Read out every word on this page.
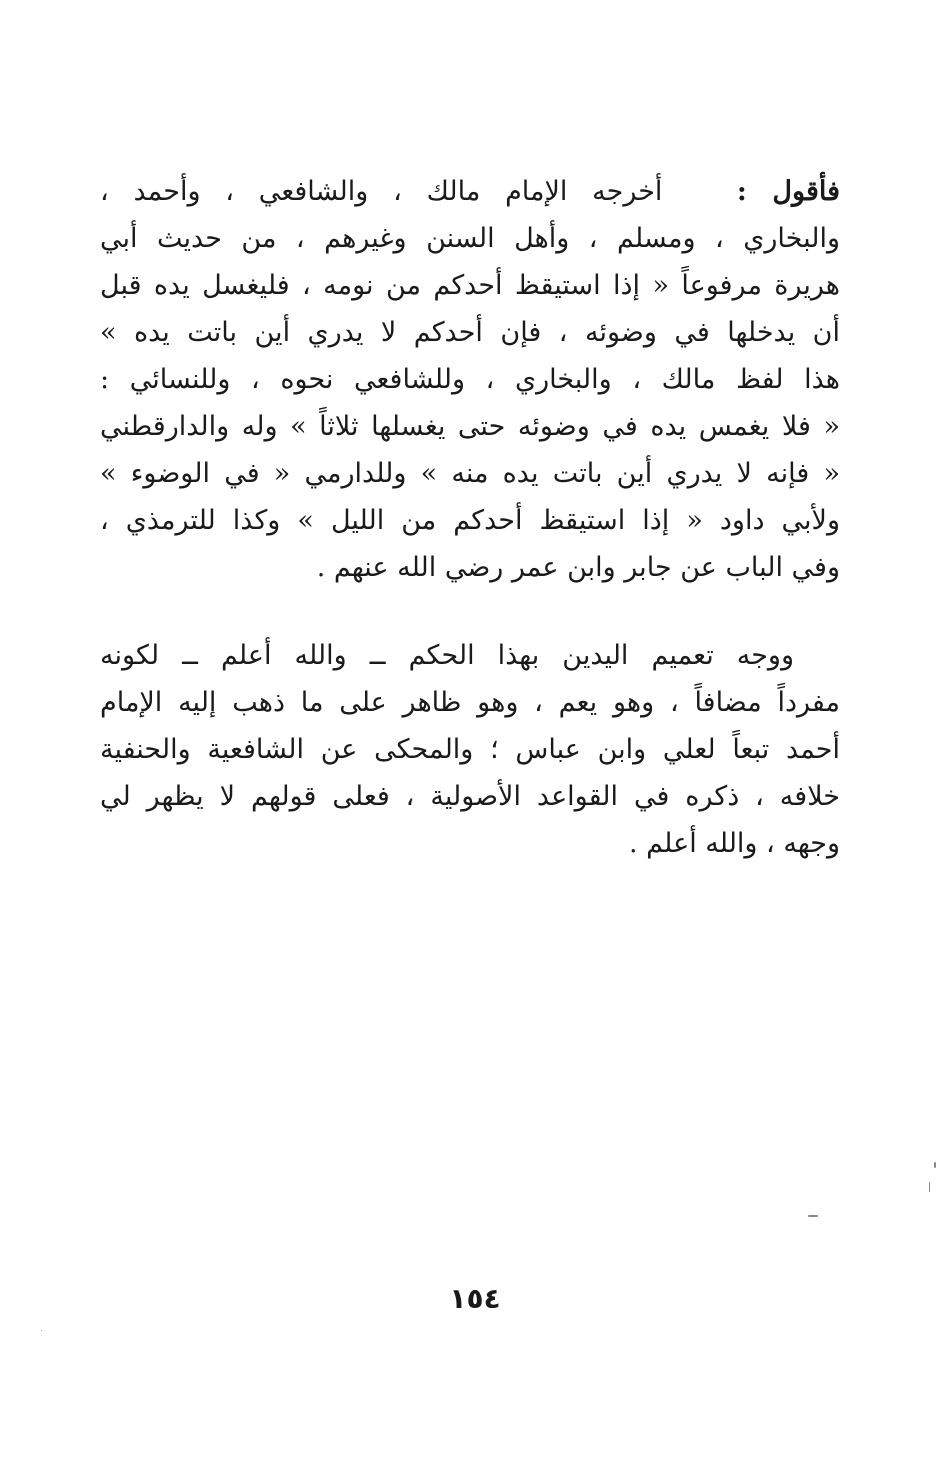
فأقول :   أخرجه الإمام مالك ، والشافعي ، وأحمد ،
والبخاري ، ومسلم ، وأهل السنن وغيرهم ، من حديث أبي
هريرة مرفوعاً « إذا استيقظ أحدكم من نومه ، فليغسل يده قبل
أن يدخلها في وضوئه ، فإن أحدكم لا يدري أين باتت يده »
هذا لفظ مالك ، والبخاري ، وللشافعي نحوه ، وللنسائي :
« فلا يغمس يده في وضوئه حتى يغسلها ثلاثاً » وله والدارقطني
« فإنه لا يدري أين باتت يده منه » وللدارمي « في الوضوء »
ولأبي داود « إذا استيقظ أحدكم من الليل » وكذا للترمذي ،
وفي الباب عن جابر وابن عمر رضي الله عنهم .
ووجه تعميم اليدين بهذا الحكم ــ والله أعلم ــ لكونه
مفرداً مضافاً ، وهو يعم ، وهو ظاهر على ما ذهب إليه الإمام
أحمد تبعاً لعلي وابن عباس ؛ والمحكى عن الشافعية والحنفية
خلافه ، ذكره في القواعد الأصولية ، فعلى قولهم لا يظهر لي
وجهه ، والله أعلم .
١٥٤
